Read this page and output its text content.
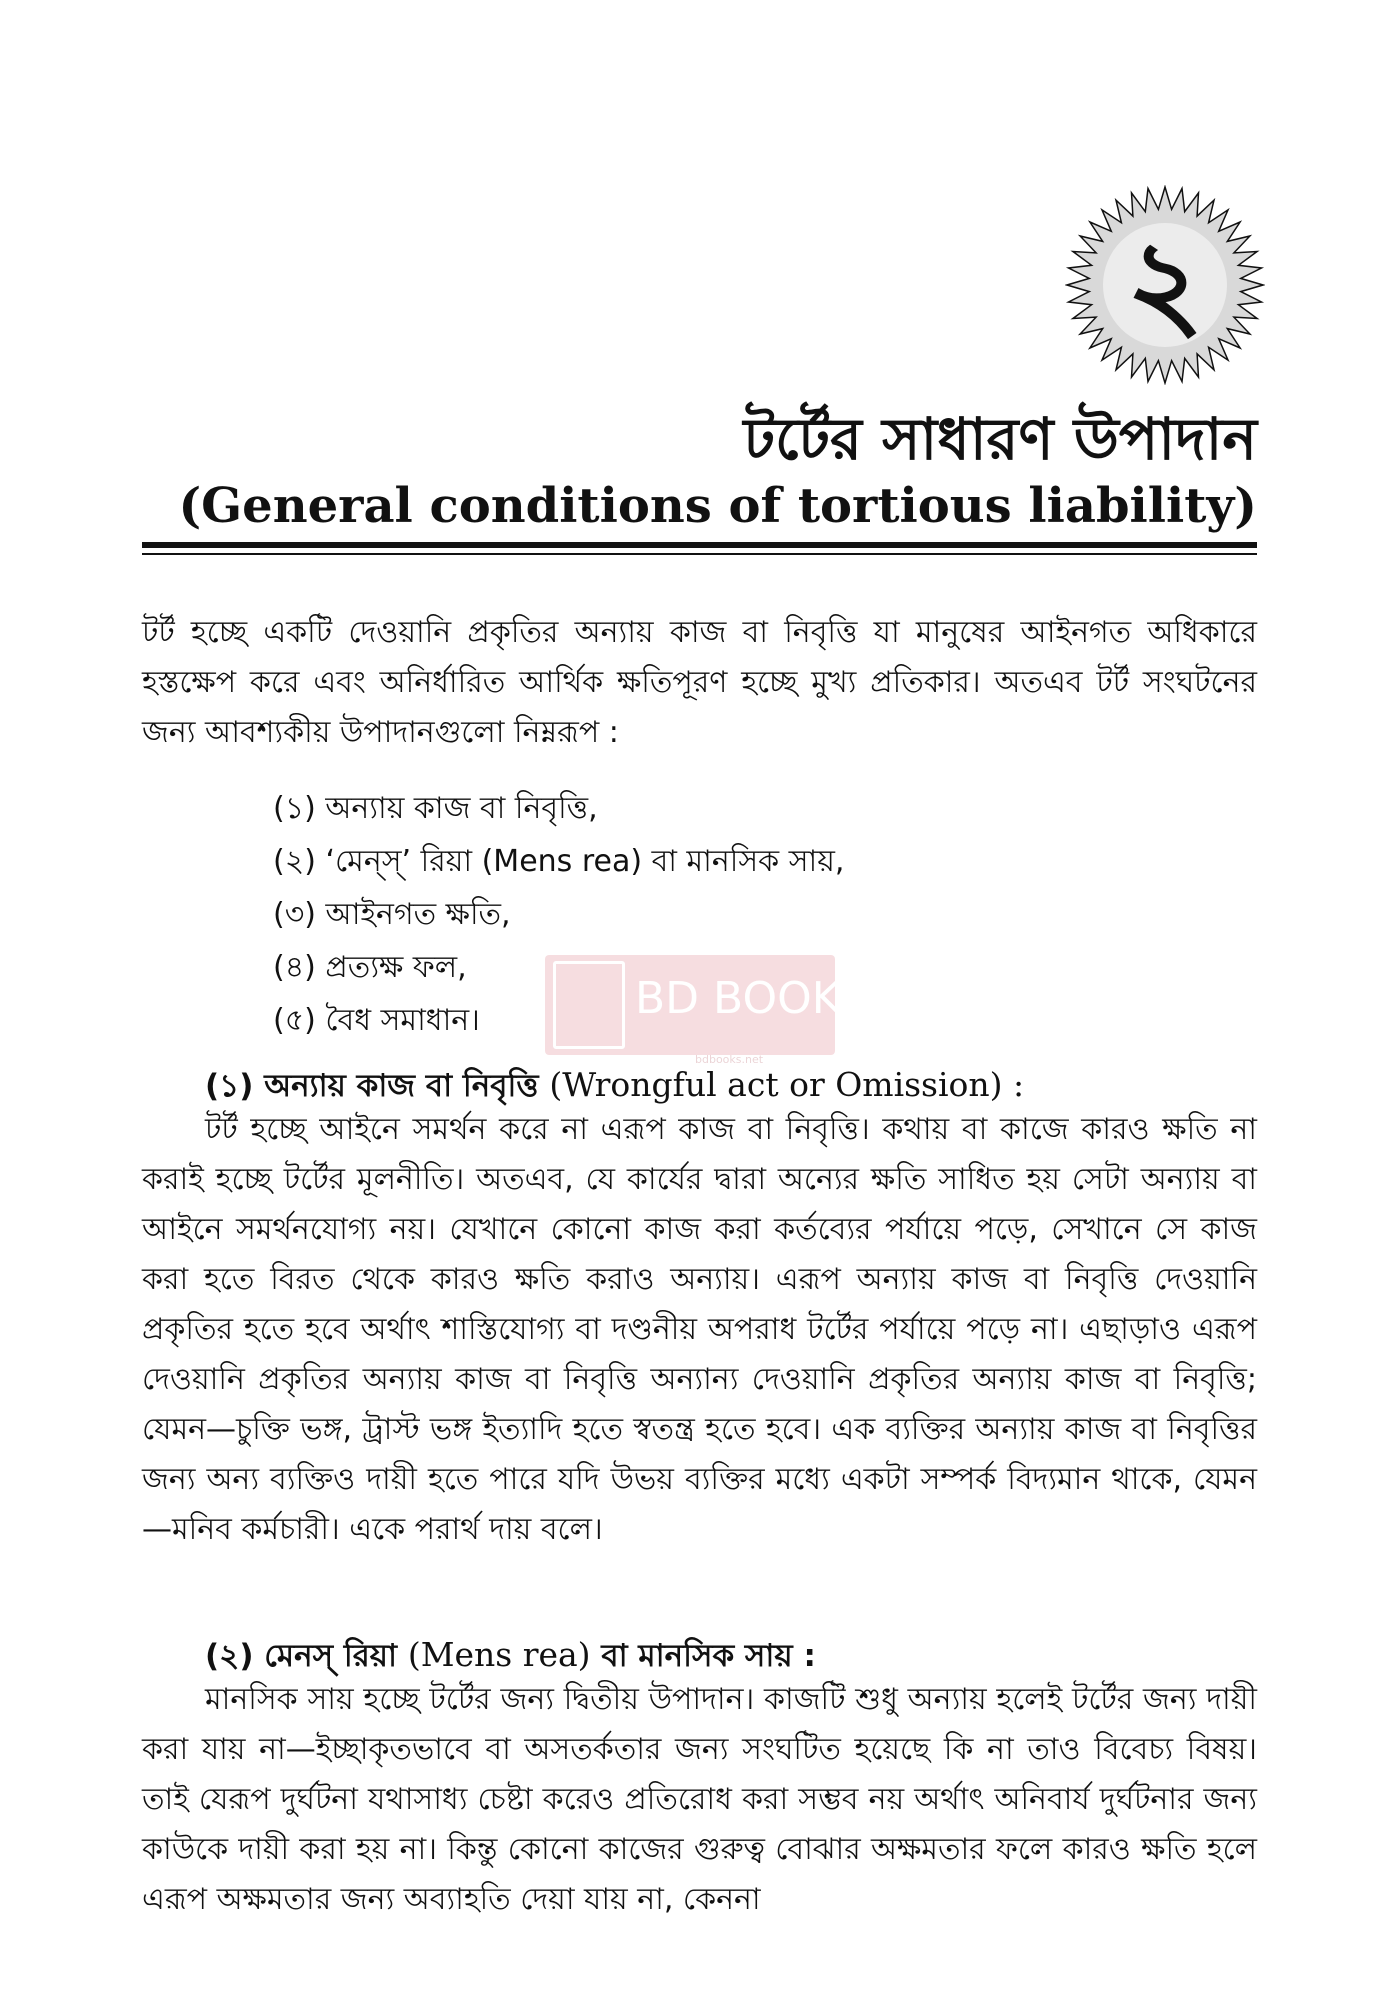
২
টর্টের সাধারণ উপাদান
(General conditions of tortious liability)
টর্ট হচ্ছে একটি দেওয়ানি প্রকৃতির অন্যায় কাজ বা নিবৃত্তি যা মানুষের আইনগত অধিকারে হস্তক্ষেপ করে এবং অনির্ধারিত আর্থিক ক্ষতিপূরণ হচ্ছে মুখ্য প্রতিকার। অতএব টর্ট সংঘটনের জন্য আবশ্যকীয় উপাদানগুলো নিম্নরূপ :
(১) অন্যায় কাজ বা নিবৃত্তি,
(২) ‘মেন্‌স্’ রিয়া (Mens rea) বা মানসিক সায়,
(৩) আইনগত ক্ষতি,
(৪) প্রত্যক্ষ ফল,
(৫) বৈধ সমাধান।	BD BOOKS
bdbooks.net
(১) অন্যায় কাজ বা নিবৃত্তি (Wrongful act or Omission) :
টর্ট হচ্ছে আইনে সমর্থন করে না এরূপ কাজ বা নিবৃত্তি। কথায় বা কাজে কারও ক্ষতি না করাই হচ্ছে টর্টের মূলনীতি। অতএব, যে কার্যের দ্বারা অন্যের ক্ষতি সাধিত হয় সেটা অন্যায় বা আইনে সমর্থনযোগ্য নয়। যেখানে কোনো কাজ করা কর্তব্যের পর্যায়ে পড়ে, সেখানে সে কাজ করা হতে বিরত থেকে কারও ক্ষতি করাও অন্যায়। এরূপ অন্যায় কাজ বা নিবৃত্তি দেওয়ানি প্রকৃতির হতে হবে অর্থাৎ শাস্তিযোগ্য বা দণ্ডনীয় অপরাধ টর্টের পর্যায়ে পড়ে না। এছাড়াও এরূপ দেওয়ানি প্রকৃতির অন্যায় কাজ বা নিবৃত্তি অন্যান্য দেওয়ানি প্রকৃতির অন্যায় কাজ বা নিবৃত্তি; যেমন—চুক্তি ভঙ্গ, ট্রাস্ট ভঙ্গ ইত্যাদি হতে স্বতন্ত্র হতে হবে। এক ব্যক্তির অন্যায় কাজ বা নিবৃত্তির জন্য অন্য ব্যক্তিও দায়ী হতে পারে যদি উভয় ব্যক্তির মধ্যে একটা সম্পর্ক বিদ্যমান থাকে, যেমন—মনিব কর্মচারী। একে পরার্থ দায় বলে।
(২) মেনস্ রিয়া (Mens rea) বা মানসিক সায় :
মানসিক সায় হচ্ছে টর্টের জন্য দ্বিতীয় উপাদান। কাজটি শুধু অন্যায় হলেই টর্টের জন্য দায়ী করা যায় না—ইচ্ছাকৃতভাবে বা অসতর্কতার জন্য সংঘটিত হয়েছে কি না তাও বিবেচ্য বিষয়। তাই যেরূপ দুর্ঘটনা যথাসাধ্য চেষ্টা করেও প্রতিরোধ করা সম্ভব নয় অর্থাৎ অনিবার্য দুর্ঘটনার জন্য কাউকে দায়ী করা হয় না। কিন্তু কোনো কাজের গুরুত্ব বোঝার অক্ষমতার ফলে কারও ক্ষতি হলে এরূপ অক্ষমতার জন্য অব্যাহতি দেয়া যায় না, কেননা
